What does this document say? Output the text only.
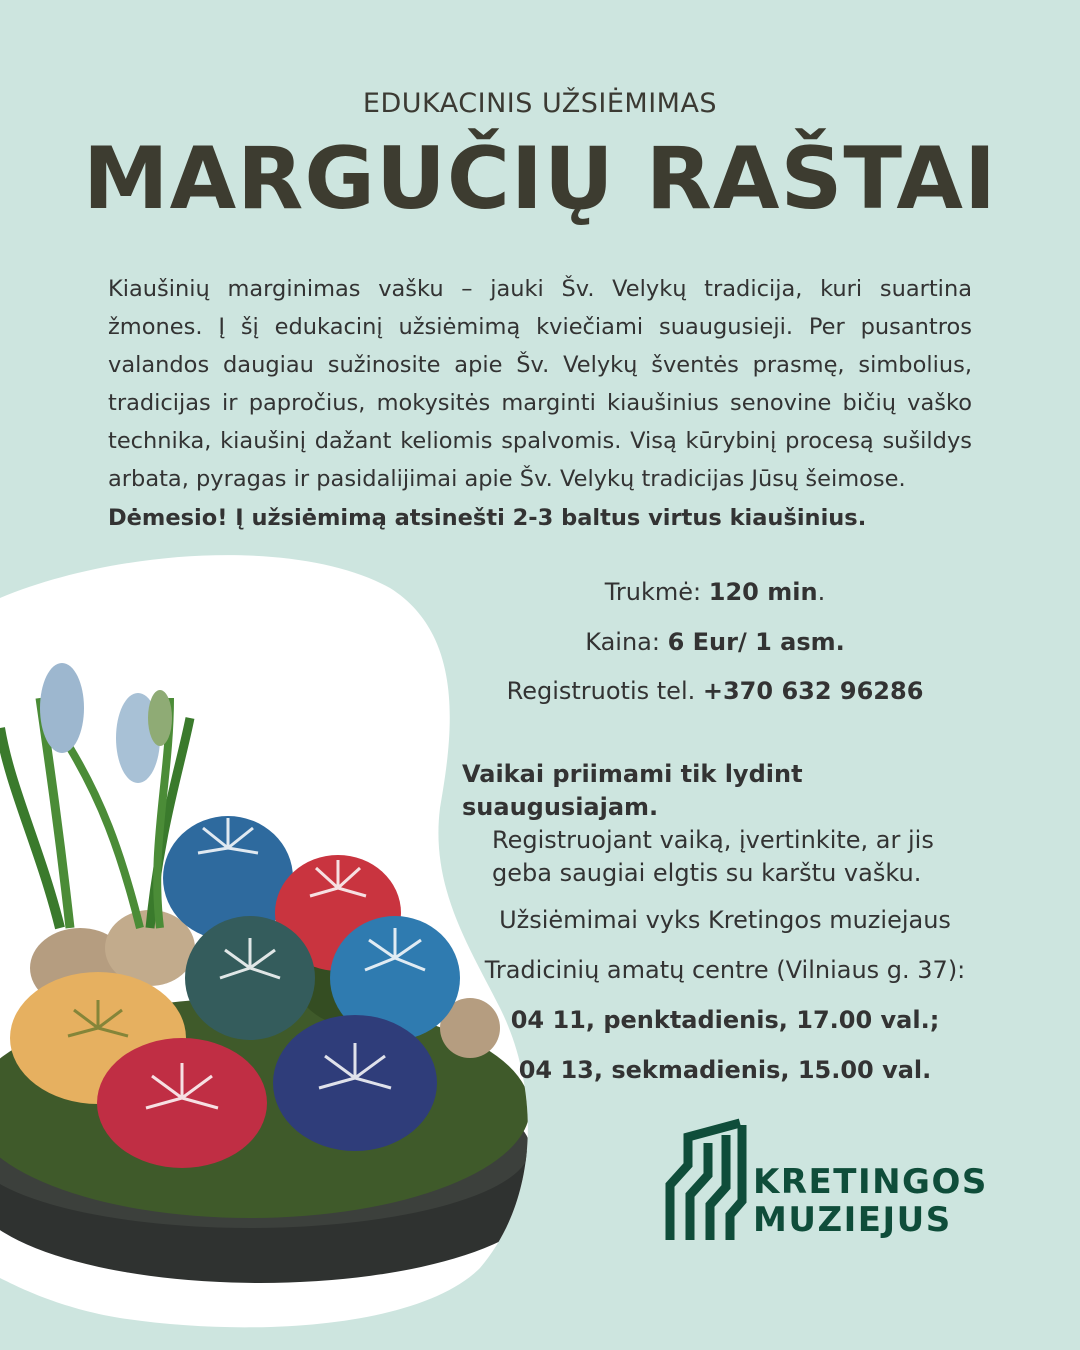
EDUKACINIS UŽSIĖMIMAS
MARGUČIŲ RAŠTAI
Kiaušinių marginimas vašku – jauki Šv. Velykų tradicija, kuri suartina žmones. Į šį edukacinį užsiėmimą kviečiami suaugusieji. Per pusantros valandos daugiau sužinosite apie Šv. Velykų šventės prasmę, simbolius, tradicijas ir papročius, mokysitės marginti kiaušinius senovine bičių vaško technika, kiaušinį dažant keliomis spalvomis. Visą kūrybinį procesą sušildys arbata, pyragas ir pasidalijimai apie Šv. Velykų tradicijas Jūsų šeimose.
Dėmesio! Į užsiėmimą atsinešti 2-3 baltus virtus kiaušinius.
Trukmė: 120 min.
Kaina: 6 Eur/ 1 asm.
Registruotis tel. +370 632 96286
Vaikai priimami tik lydint suaugusiajam.
Registruojant vaiką, įvertinkite, ar jis
geba saugiai elgtis su karštu vašku.
Užsiėmimai vyks Kretingos muziejaus
Tradicinių amatų centre (Vilniaus g. 37):
04 11, penktadienis, 17.00 val.;
04 13, sekmadienis, 15.00 val.
KRETINGOS
MUZIEJUS
